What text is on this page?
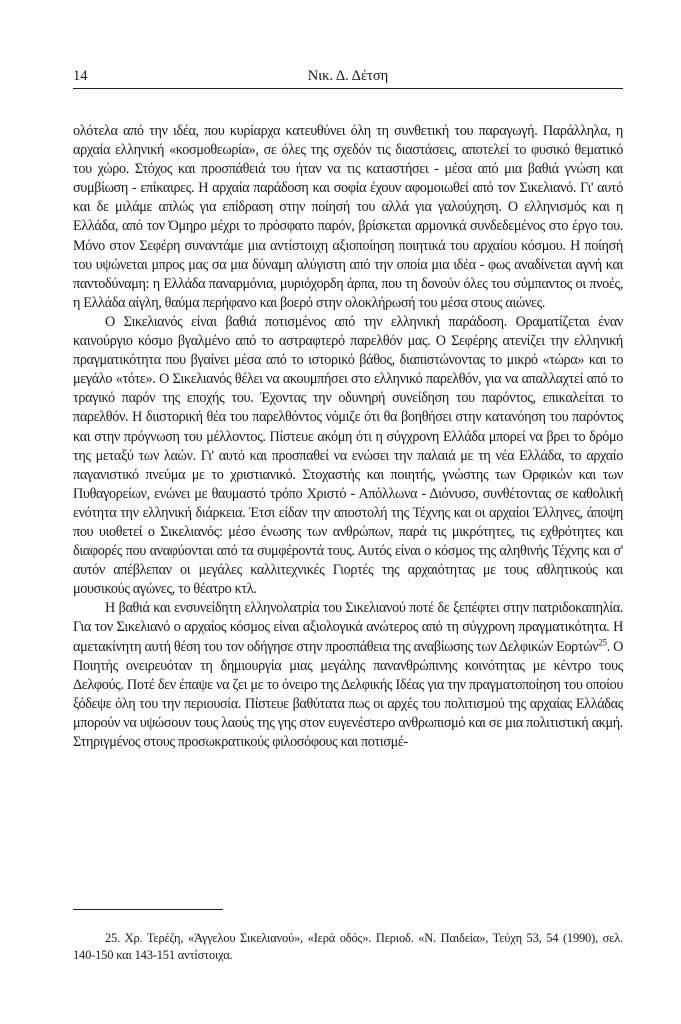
14	Νικ. Δ. Δέτση

ολότελα από την ιδέα, που κυρίαρχα κατευθύνει όλη τη συνθετική του παραγωγή. Παράλληλα, η αρχαία ελληνική «κοσμοθεωρία», σε όλες της σχεδόν τις διαστάσεις, αποτελεί το φυσικό θεματικό του χώρο. Στόχος και προσπάθειά του ήταν να τις καταστήσει - μέσα από μια βαθιά γνώση και συμβίωση - επίκαιρες. Η αρχαία παράδοση και σοφία έχουν αφομοιωθεί από τον Σικελιανό. Γι' αυτό και δε μιλάμε απλώς για επίδραση στην ποίησή του αλλά για γαλούχηση. Ο ελληνισμός και η Ελλάδα, από τον Όμηρο μέχρι το πρόσφατο παρόν, βρίσκεται αρμονικά συνδεδεμένος στο έργο του. Μόνο στον Σεφέρη συναντάμε μια αντίστοιχη αξιοποίηση ποιητικά του αρχαίου κόσμου. Η ποίησή του υψώνεται μπρος μας σα μια δύναμη αλύγιστη από την οποία μια ιδέα - φως αναδίνεται αγνή και παντοδύναμη: η Ελλάδα παναρμόνια, μυριόχορδη άρπα, που τη δονούν όλες του σύμπαντος οι πνοές, η Ελλάδα αίγλη, θαύμα περήφανο και βοερό στην ολοκλήρωσή του μέσα στους αιώνες.

Ο Σικελιανός είναι βαθιά ποτισμένος από την ελληνική παράδοση. Οραματίζεται έναν καινούργιο κόσμο βγαλμένο από το αστραφτερό παρελθόν μας. Ο Σεφέρης ατενίζει την ελληνική πραγματικότητα που βγαίνει μέσα από το ιστορικό βάθος, διαπιστώνοντας το μικρό «τώρα» και το μεγάλο «τότε». Ο Σικελιανός θέλει να ακουμπήσει στο ελληνικό παρελθόν, για να απαλλαχτεί από το τραγικό παρόν της εποχής του. Έχοντας την οδυνηρή συνείδηση του παρόντος, επικαλείται το παρελθόν. Η διιστορική θέα του παρελθόντος νόμιζε ότι θα βοηθήσει στην κατανόηση του παρόντος και στην πρόγνωση του μέλλοντος. Πίστευε ακόμη ότι η σύγχρονη Ελλάδα μπορεί να βρει το δρόμο της μεταξύ των λαών. Γι' αυτό και προσπαθεί να ενώσει την παλαιά με τη νέα Ελλάδα, το αρχαίο παγανιστικό πνεύμα με το χριστιανικό. Στοχαστής και ποιητής, γνώστης των Ορφικών και των Πυθαγορείων, ενώνει με θαυμαστό τρόπο Χριστό - Απόλλωνα - Διόνυσο, συνθέτοντας σε καθολική ενότητα την ελληνική διάρκεια. Έτσι είδαν την αποστολή της Τέχνης και οι αρχαίοι Έλληνες, άποψη που υιοθετεί ο Σικελιανός: μέσο ένωσης των ανθρώπων, παρά τις μικρότητες, τις εχθρότητες και διαφορές που αναφύονται από τα συμφέροντά τους. Αυτός είναι ο κόσμος της αληθινής Τέχνης και σ' αυτόν απέβλεπαν οι μεγάλες καλλιτεχνικές Γιορτές της αρχαιότητας με τους αθλητικούς και μουσικούς αγώνες, το θέατρο κτλ.

Η βαθιά και ενσυνείδητη ελληνολατρία του Σικελιανού ποτέ δε ξεπέφτει στην πατριδοκαπηλία. Για τον Σικελιανό ο αρχαίος κόσμος είναι αξιολογικά ανώτερος από τη σύγχρονη πραγματικότητα. Η αμετακίνητη αυτή θέση του τον οδήγησε στην προσπάθεια της αναβίωσης των Δελφικών Εορτών$^{25}$. Ο Ποιητής ονειρευόταν τη δημιουργία μιας μεγάλης πανανθρώπινης κοινότητας με κέντρο τους Δελφούς. Ποτέ δεν έπαψε να ζει με το όνειρο της Δελφικής Ιδέας για την πραγματοποίηση του οποίου ξόδεψε όλη του την περιουσία. Πίστευε βαθύτατα πως οι αρχές του πολιτισμού της αρχαίας Ελλάδας μπορούν να υψώσουν τους λαούς της γης στον ευγενέστερο ανθρωπισμό και σε μια πολιτιστική ακμή. Στηριγμένος στους προσωκρατικούς φιλοσόφους και ποτισμέ-

25. Χρ. Τερέζη, «Άγγελου Σικελιανού», «Ιερά οδός». Περιοδ. «Ν. Παιδεία», Τεύχη 53, 54 (1990), σελ. 140-150 και 143-151 αντίστοιχα.
